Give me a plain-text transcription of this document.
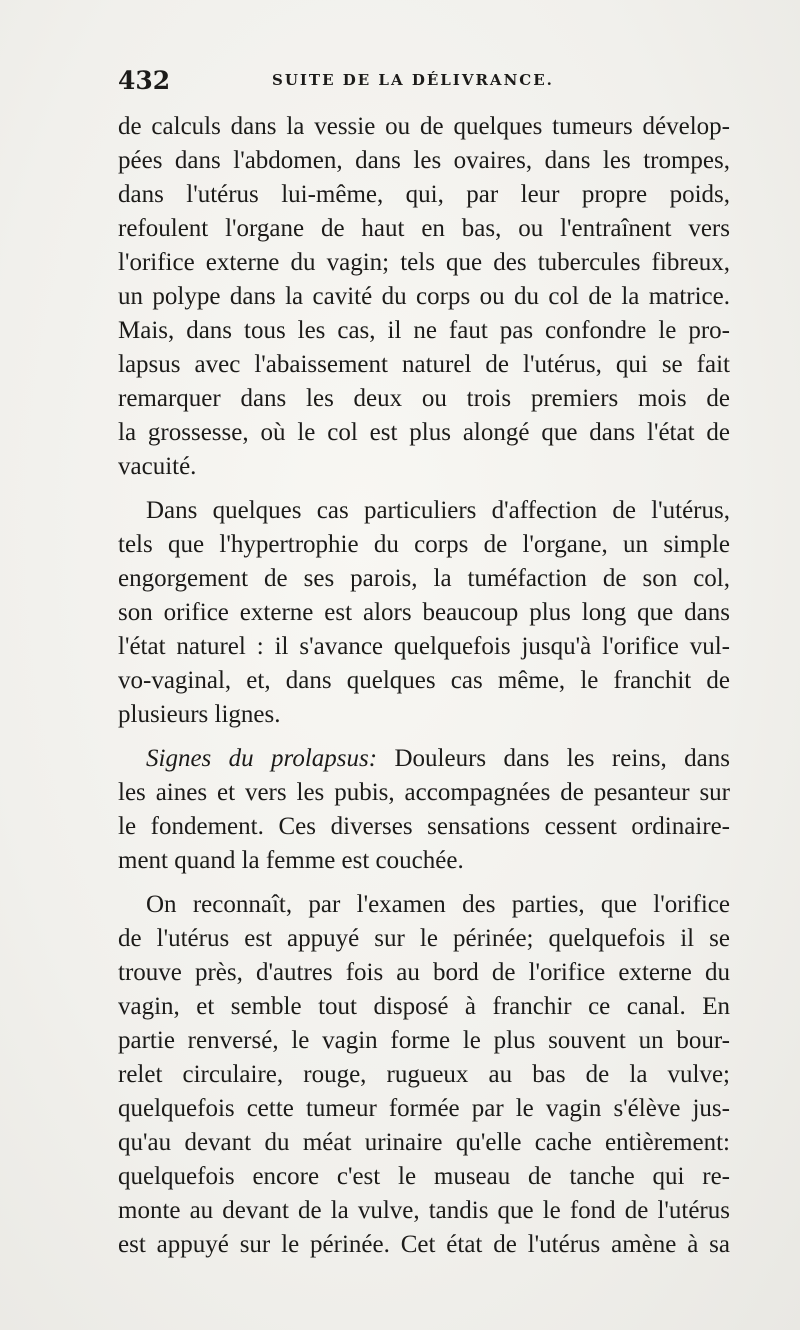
432	SUITE DE LA DÉLIVRANCE.

de calculs dans la vessie ou de quelques tumeurs dévelop-
pées dans l'abdomen, dans les ovaires, dans les trompes,
dans l'utérus lui-même, qui, par leur propre poids,
refoulent l'organe de haut en bas, ou l'entraînent vers
l'orifice externe du vagin; tels que des tubercules fibreux,
un polype dans la cavité du corps ou du col de la matrice.
Mais, dans tous les cas, il ne faut pas confondre le pro-
lapsus avec l'abaissement naturel de l'utérus, qui se fait
remarquer dans les deux ou trois premiers mois de
la grossesse, où le col est plus alongé que dans l'état de
vacuité.

Dans quelques cas particuliers d'affection de l'utérus,
tels que l'hypertrophie du corps de l'organe, un simple
engorgement de ses parois, la tuméfaction de son col,
son orifice externe est alors beaucoup plus long que dans
l'état naturel : il s'avance quelquefois jusqu'à l'orifice vul-
vo-vaginal, et, dans quelques cas même, le franchit de
plusieurs lignes.

Signes du prolapsus: Douleurs dans les reins, dans
les aines et vers les pubis, accompagnées de pesanteur sur
le fondement. Ces diverses sensations cessent ordinaire-
ment quand la femme est couchée.

On reconnaît, par l'examen des parties, que l'orifice
de l'utérus est appuyé sur le périnée; quelquefois il se
trouve près, d'autres fois au bord de l'orifice externe du
vagin, et semble tout disposé à franchir ce canal. En
partie renversé, le vagin forme le plus souvent un bour-
relet circulaire, rouge, rugueux au bas de la vulve;
quelquefois cette tumeur formée par le vagin s'élève jus-
qu'au devant du méat urinaire qu'elle cache entièrement:
quelquefois encore c'est le museau de tanche qui re-
monte au devant de la vulve, tandis que le fond de l'utérus
est appuyé sur le périnée. Cet état de l'utérus amène à sa
